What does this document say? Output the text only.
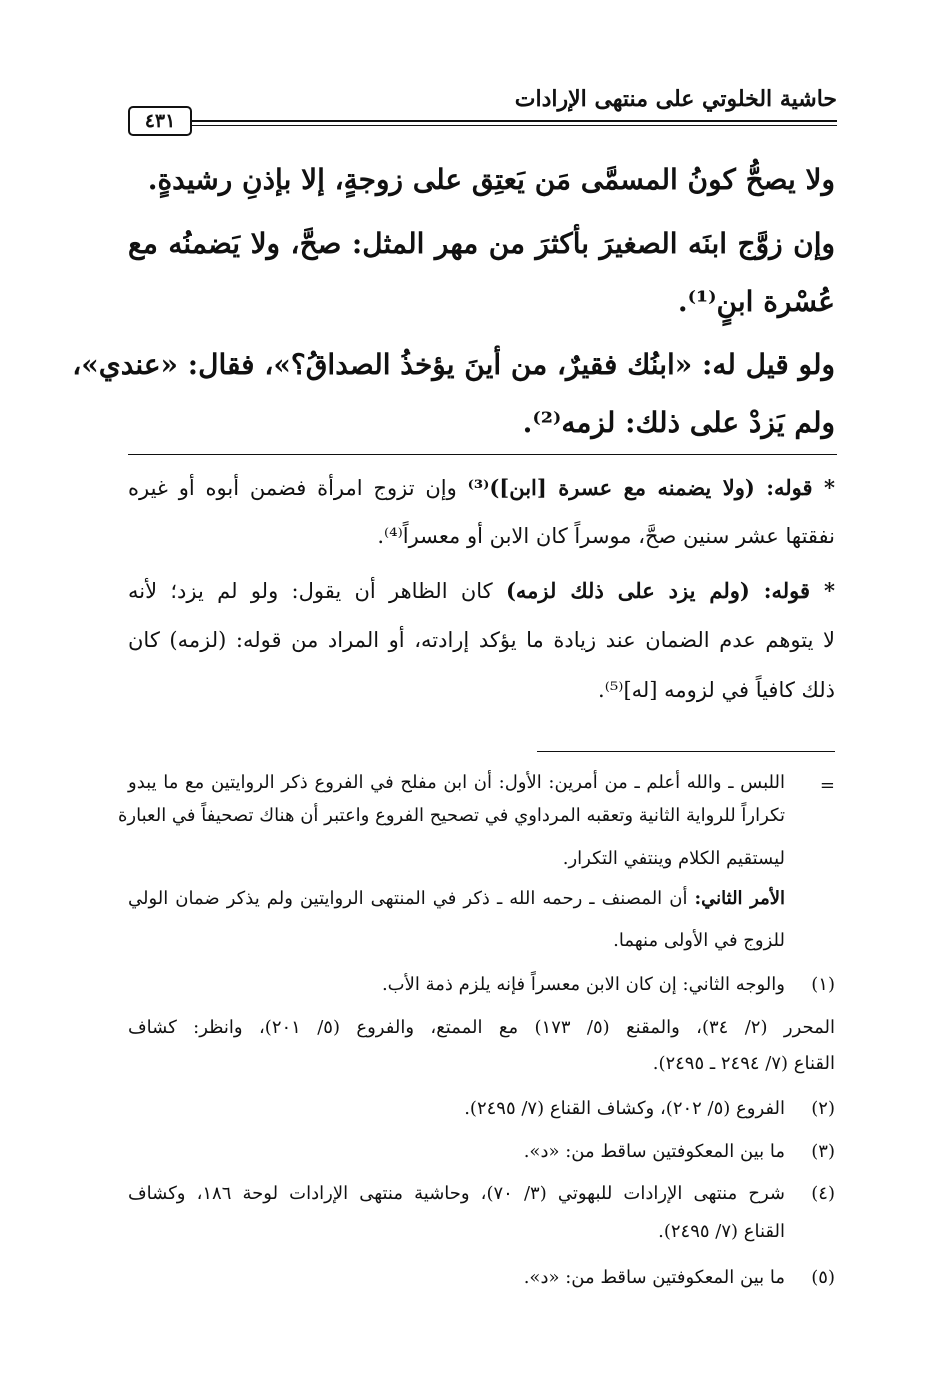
حاشية الخلوتي على منتهى الإرادات
٤٣١
ولا يصحُّ كونُ المسمَّى مَن يَعتِق على زوجةٍ، إلا بإذنِ رشيدةٍ.
وإن زوَّج ابنَه الصغيرَ بأكثرَ من مهر المثل: صحَّ، ولا يَضمنُه مع
عُسْرة ابنٍ⁽¹⁾.
ولو قيل له: «ابنُك فقيرٌ، من أينَ يؤخذُ الصداقُ؟»، فقال: «عندي»،
ولم يَزدْ على ذلك: لزمه⁽²⁾.
* قوله: (ولا يضمنه مع عسرة [ابن])⁽³⁾ وإن تزوج امرأة فضمن أبوه أو غيره
نفقتها عشر سنين صحَّ، موسراً كان الابن أو معسراً⁽⁴⁾.
* قوله: (ولم يزد على ذلك لزمه) كان الظاهر أن يقول: ولو لم يزد؛ لأنه
لا يتوهم عدم الضمان عند زيادة ما يؤكد إرادته، أو المراد من قوله: (لزمه) كان
ذلك كافياً في لزومه [له]⁽⁵⁾.
=
اللبس ـ والله أعلم ـ من أمرين: الأول: أن ابن مفلح في الفروع ذكر الروايتين مع ما يبدو
تكراراً للرواية الثانية وتعقبه المرداوي في تصحيح الفروع واعتبر أن هناك تصحيفاً في العبارة
ليستقيم الكلام وينتفي التكرار.
الأمر الثاني: أن المصنف ـ رحمه الله ـ ذكر في المنتهى الروايتين ولم يذكر ضمان الولي
للزوج في الأولى منهما.
(١)
والوجه الثاني: إن كان الابن معسراً فإنه يلزم ذمة الأب.
المحرر (٢/ ٣٤)، والمقنع (٥/ ١٧٣) مع الممتع، والفروع (٥/ ٢٠١)، وانظر: كشاف
القناع (٧/ ٢٤٩٤ ـ ٢٤٩٥).
(٢)
الفروع (٥/ ٢٠٢)، وكشاف القناع (٧/ ٢٤٩٥).
(٣)
ما بين المعكوفتين ساقط من: «د».
(٤)
شرح منتهى الإرادات للبهوتي (٣/ ٧٠)، وحاشية منتهى الإرادات لوحة ١٨٦، وكشاف
القناع (٧/ ٢٤٩٥).
(٥)
ما بين المعكوفتين ساقط من: «د».
